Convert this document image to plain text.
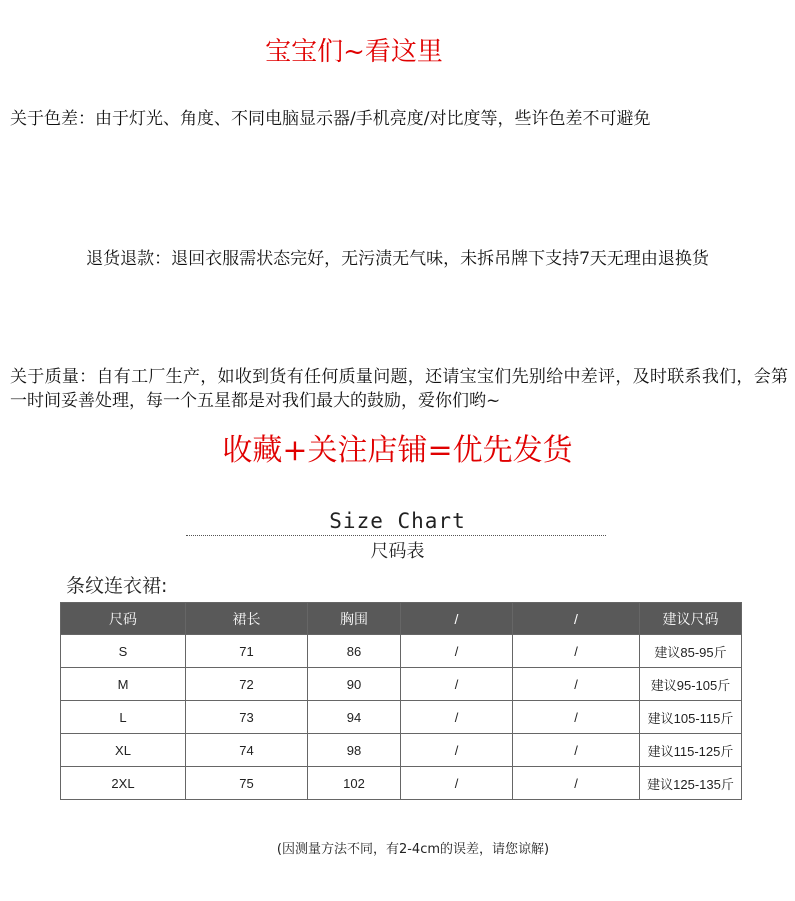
宝宝们~看这里
关于色差：由于灯光、角度、不同电脑显示器/手机亮度/对比度等，些许色差不可避免
退货退款：退回衣服需状态完好，无污渍无气味，未拆吊牌下支持7天无理由退换货
关于质量：自有工厂生产，如收到货有任何质量问题，还请宝宝们先别给中差评，及时联系我们，会第一时间妥善处理，每一个五星都是对我们最大的鼓励，爱你们哟~
收藏+关注店铺=优先发货
Size Chart
尺码表
条纹连衣裙:
尺码	裙长	胸围	/	/	建议尺码
S	71	86	/	/	建议85-95斤
M	72	90	/	/	建议95-105斤
L	73	94	/	/	建议105-115斤
XL	74	98	/	/	建议115-125斤
2XL	75	102	/	/	建议125-135斤
(因测量方法不同，有2-4cm的误差，请您谅解)
